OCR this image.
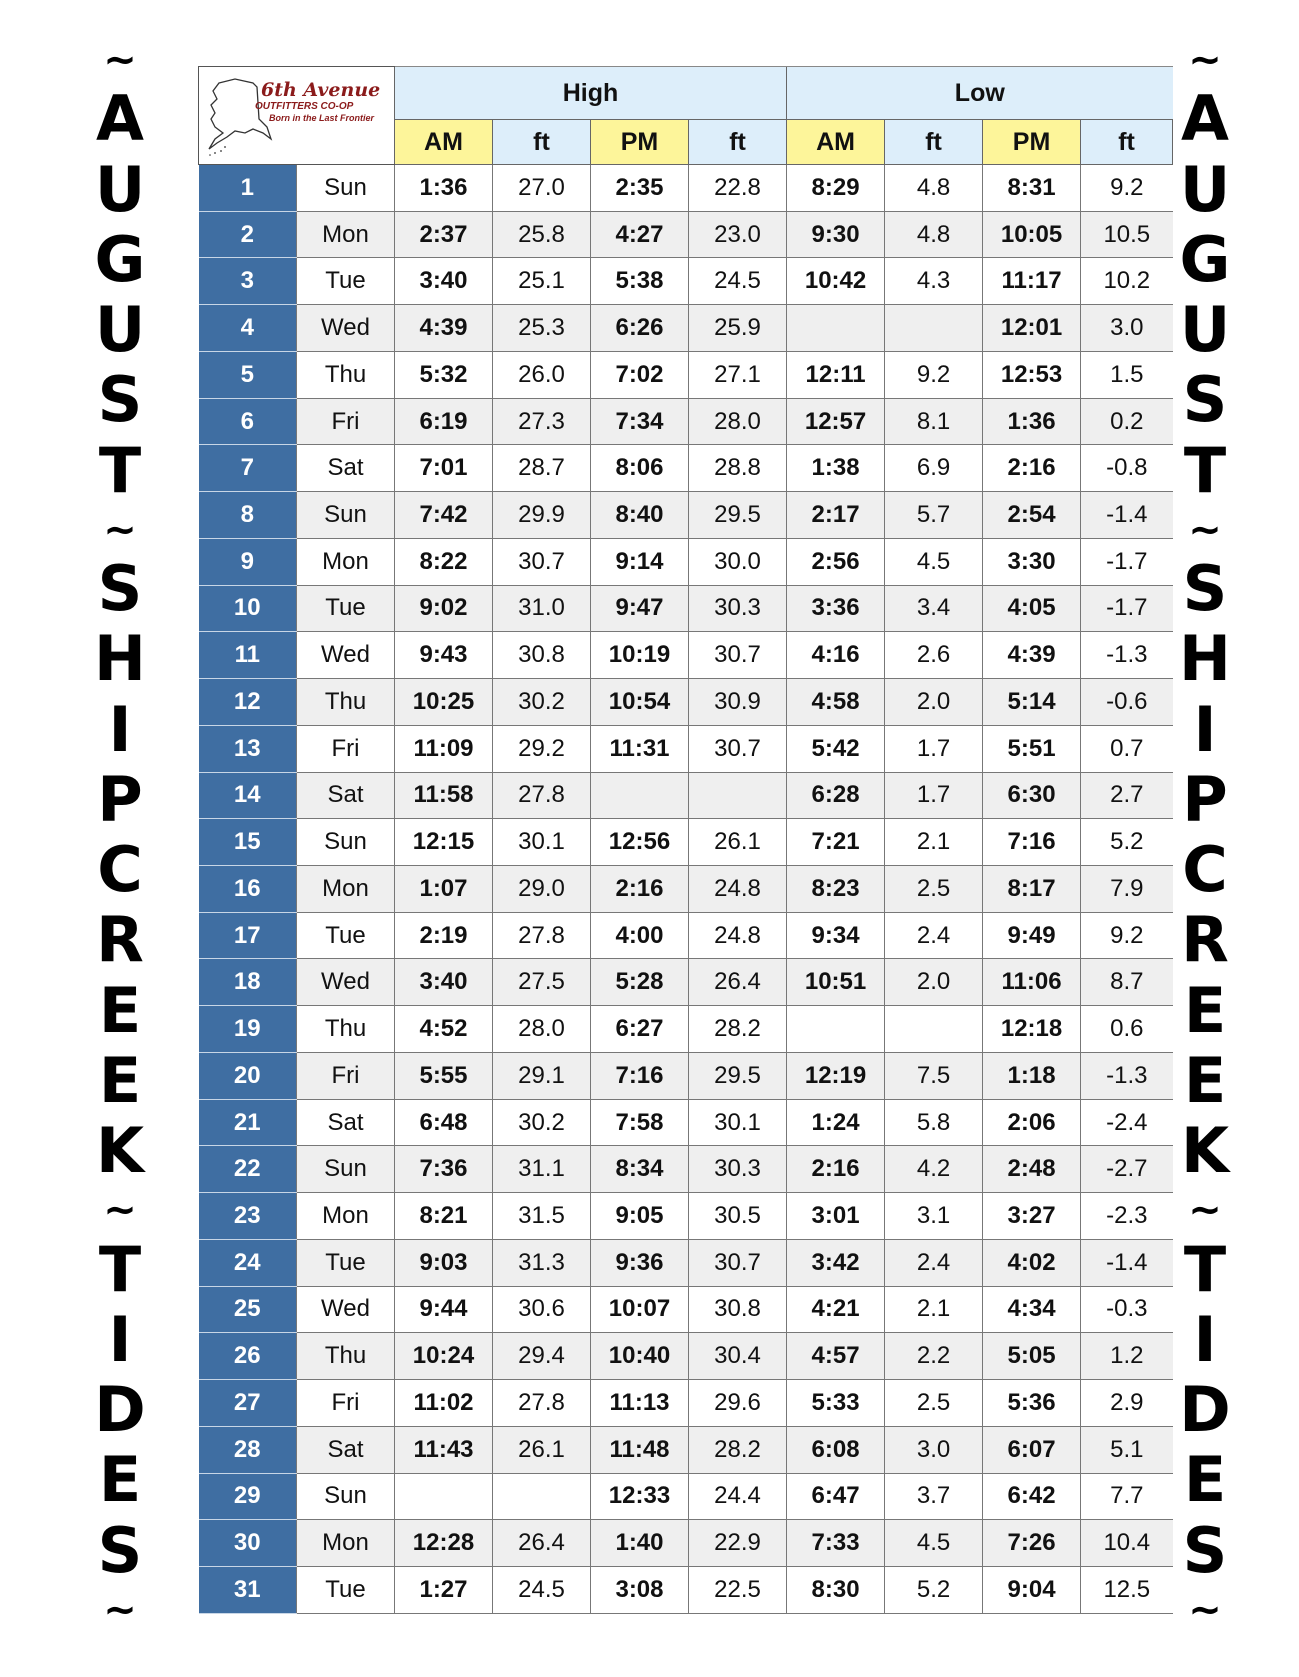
~
A
U
G
U
S
T
~
S
H
I
P
C
R
E
E
K
~
T
I
D
E
S
~
~
A
U
G
U
S
T
~
S
H
I
P
C
R
E
E
K
~
T
I
D
E
S
~
6th Avenue
OUTFITTERS CO-OP
Born in the Last Frontier		High				Low			
		AM	ft	PM	ft	AM	ft	PM	ft
1	Sun	1:36	27.0	2:35	22.8	8:29	4.8	8:31	9.2
2	Mon	2:37	25.8	4:27	23.0	9:30	4.8	10:05	10.5
3	Tue	3:40	25.1	5:38	24.5	10:42	4.3	11:17	10.2
4	Wed	4:39	25.3	6:26	25.9			12:01	3.0
5	Thu	5:32	26.0	7:02	27.1	12:11	9.2	12:53	1.5
6	Fri	6:19	27.3	7:34	28.0	12:57	8.1	1:36	0.2
7	Sat	7:01	28.7	8:06	28.8	1:38	6.9	2:16	-0.8
8	Sun	7:42	29.9	8:40	29.5	2:17	5.7	2:54	-1.4
9	Mon	8:22	30.7	9:14	30.0	2:56	4.5	3:30	-1.7
10	Tue	9:02	31.0	9:47	30.3	3:36	3.4	4:05	-1.7
11	Wed	9:43	30.8	10:19	30.7	4:16	2.6	4:39	-1.3
12	Thu	10:25	30.2	10:54	30.9	4:58	2.0	5:14	-0.6
13	Fri	11:09	29.2	11:31	30.7	5:42	1.7	5:51	0.7
14	Sat	11:58	27.8			6:28	1.7	6:30	2.7
15	Sun	12:15	30.1	12:56	26.1	7:21	2.1	7:16	5.2
16	Mon	1:07	29.0	2:16	24.8	8:23	2.5	8:17	7.9
17	Tue	2:19	27.8	4:00	24.8	9:34	2.4	9:49	9.2
18	Wed	3:40	27.5	5:28	26.4	10:51	2.0	11:06	8.7
19	Thu	4:52	28.0	6:27	28.2			12:18	0.6
20	Fri	5:55	29.1	7:16	29.5	12:19	7.5	1:18	-1.3
21	Sat	6:48	30.2	7:58	30.1	1:24	5.8	2:06	-2.4
22	Sun	7:36	31.1	8:34	30.3	2:16	4.2	2:48	-2.7
23	Mon	8:21	31.5	9:05	30.5	3:01	3.1	3:27	-2.3
24	Tue	9:03	31.3	9:36	30.7	3:42	2.4	4:02	-1.4
25	Wed	9:44	30.6	10:07	30.8	4:21	2.1	4:34	-0.3
26	Thu	10:24	29.4	10:40	30.4	4:57	2.2	5:05	1.2
27	Fri	11:02	27.8	11:13	29.6	5:33	2.5	5:36	2.9
28	Sat	11:43	26.1	11:48	28.2	6:08	3.0	6:07	5.1
29	Sun			12:33	24.4	6:47	3.7	6:42	7.7
30	Mon	12:28	26.4	1:40	22.9	7:33	4.5	7:26	10.4
31	Tue	1:27	24.5	3:08	22.5	8:30	5.2	9:04	12.5
